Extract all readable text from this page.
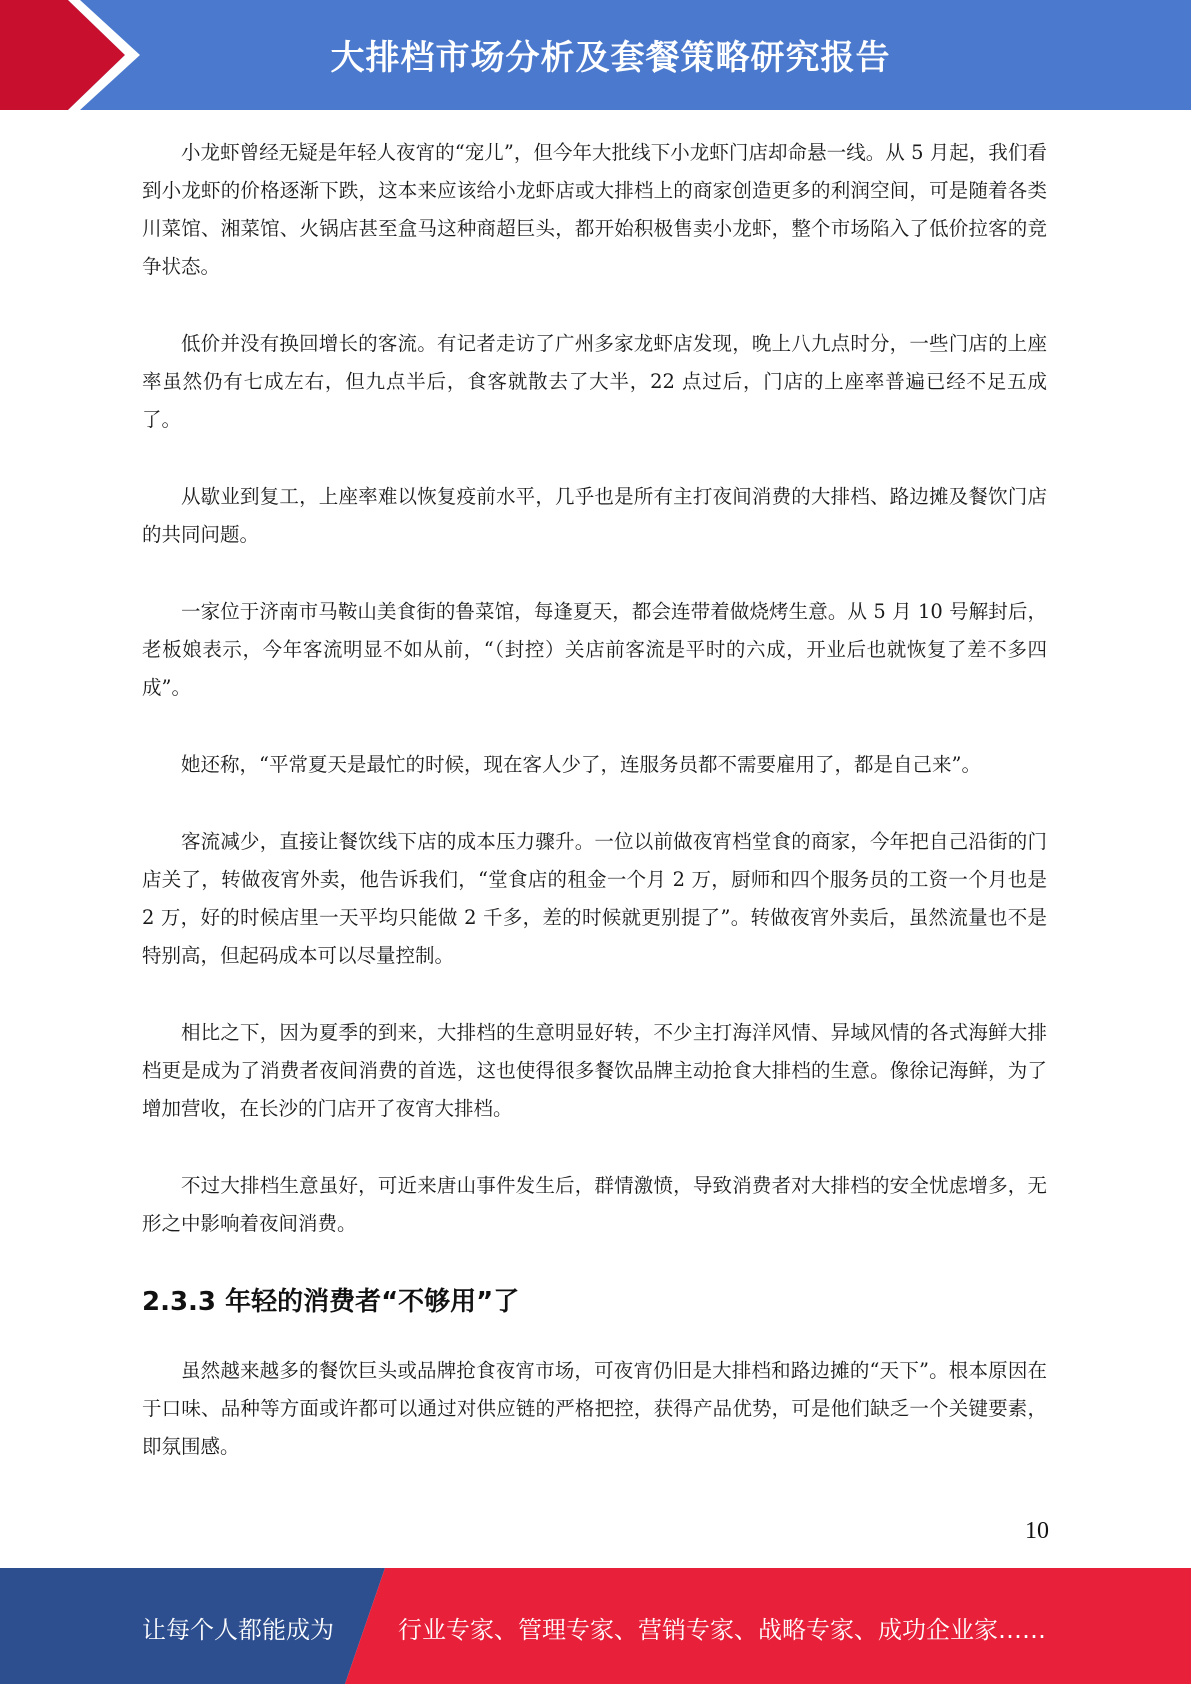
大排档市场分析及套餐策略研究报告

小龙虾曾经无疑是年轻人夜宵的“宠儿”，但今年大批线下小龙虾门店却命悬一线。从 5 月起，我们看到小龙虾的价格逐渐下跌，这本来应该给小龙虾店或大排档上的商家创造更多的利润空间，可是随着各类川菜馆、湘菜馆、火锅店甚至盒马这种商超巨头，都开始积极售卖小龙虾，整个市场陷入了低价拉客的竞争状态。

低价并没有换回增长的客流。有记者走访了广州多家龙虾店发现，晚上八九点时分，一些门店的上座率虽然仍有七成左右，但九点半后，食客就散去了大半，22 点过后，门店的上座率普遍已经不足五成了。

从歇业到复工，上座率难以恢复疫前水平，几乎也是所有主打夜间消费的大排档、路边摊及餐饮门店的共同问题。

一家位于济南市马鞍山美食街的鲁菜馆，每逢夏天，都会连带着做烧烤生意。从 5 月 10 号解封后，老板娘表示，今年客流明显不如从前，“（封控）关店前客流是平时的六成，开业后也就恢复了差不多四成”。

她还称，“平常夏天是最忙的时候，现在客人少了，连服务员都不需要雇用了，都是自己来”。

客流减少，直接让餐饮线下店的成本压力骤升。一位以前做夜宵档堂食的商家，今年把自己沿街的门店关了，转做夜宵外卖，他告诉我们，“堂食店的租金一个月 2 万，厨师和四个服务员的工资一个月也是 2 万，好的时候店里一天平均只能做 2 千多，差的时候就更别提了”。转做夜宵外卖后，虽然流量也不是特别高，但起码成本可以尽量控制。

相比之下，因为夏季的到来，大排档的生意明显好转，不少主打海洋风情、异域风情的各式海鲜大排档更是成为了消费者夜间消费的首选，这也使得很多餐饮品牌主动抢食大排档的生意。像徐记海鲜，为了增加营收，在长沙的门店开了夜宵大排档。

不过大排档生意虽好，可近来唐山事件发生后，群情激愤，导致消费者对大排档的安全忧虑增多，无形之中影响着夜间消费。

2.3.3 年轻的消费者“不够用”了

虽然越来越多的餐饮巨头或品牌抢食夜宵市场，可夜宵仍旧是大排档和路边摊的“天下”。根本原因在于口味、品种等方面或许都可以通过对供应链的严格把控，获得产品优势，可是他们缺乏一个关键要素，即氛围感。

10
让每个人都能成为	行业专家、管理专家、营销专家、战略专家、成功企业家……
